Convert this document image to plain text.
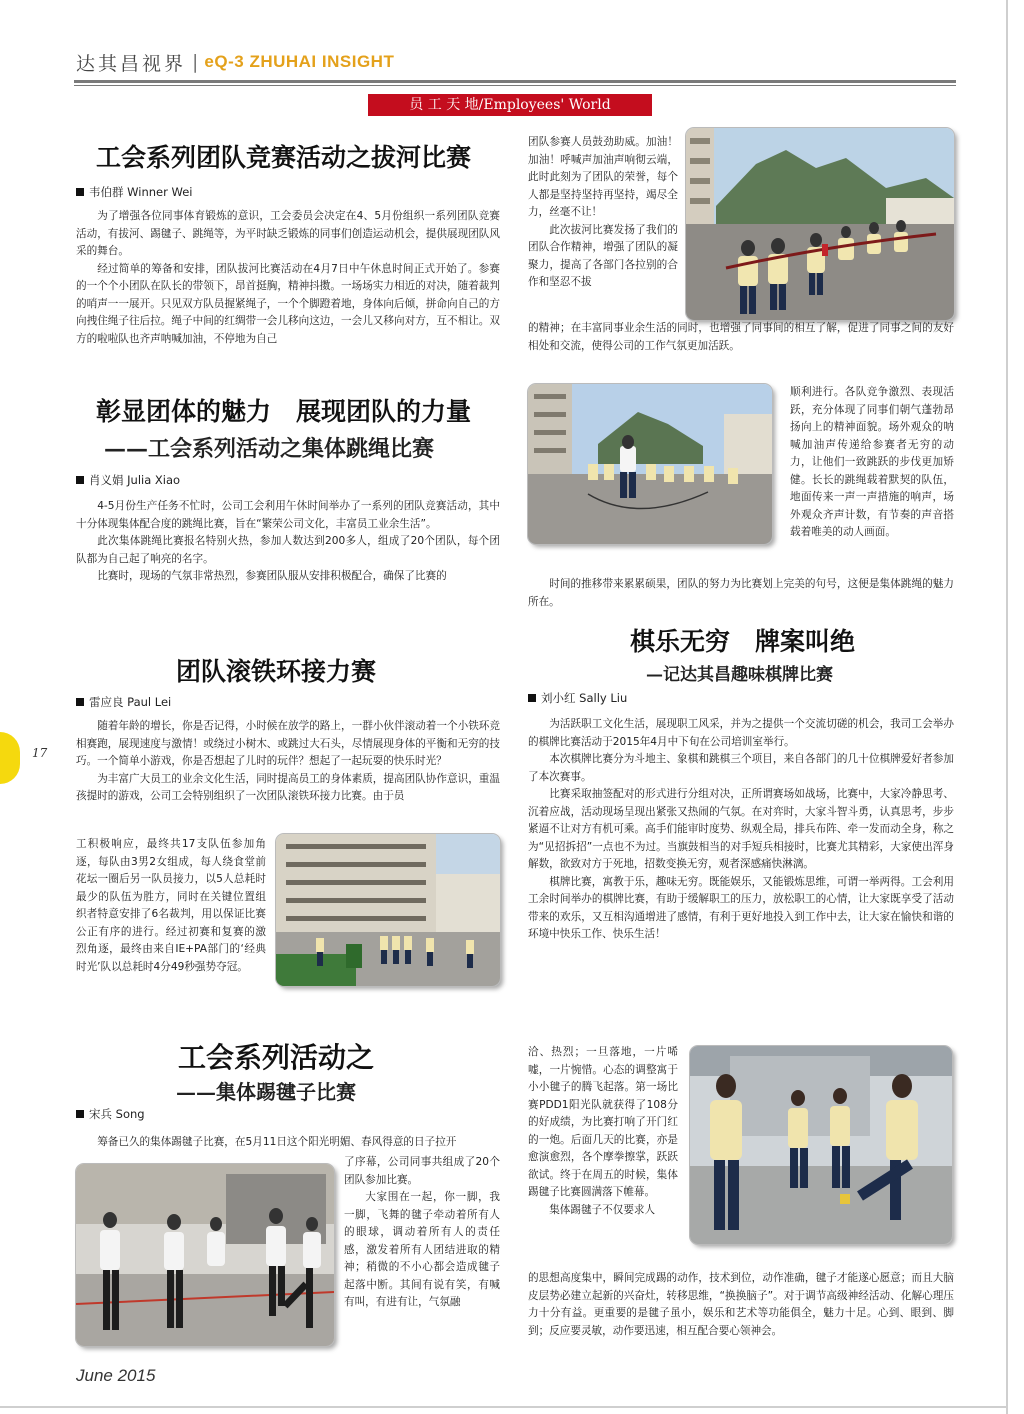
达其昌视界 | eQ-3 ZHUHAI INSIGHT
员 工 天 地/Employees' World
工会系列团队竞赛活动之拔河比赛
韦伯群 Winner Wei

为了增强各位同事体育锻炼的意识，工会委员会决定在4、5月份组织一系列团队竞赛活动，有拔河、踢毽子、跳绳等，为平时缺乏锻炼的同事们创造运动机会，提供展现团队风采的舞台。

经过简单的筹备和安排，团队拔河比赛活动在4月7日中午休息时间正式开始了。参赛的一个个小团队在队长的带领下，昂首挺胸，精神抖擞。一场场实力相近的对决，随着裁判的哨声一一展开。只见双方队员握紧绳子，一个个脚蹬着地，身体向后倾，拼命向自己的方向拽住绳子往后拉。绳子中间的红绸带一会儿移向这边，一会儿又移向对方，互不相让。双方的啦啦队也齐声呐喊加油，不停地为自己

团队参赛人员鼓劲助威。加油！加油！呼喊声加油声响彻云端，此时此刻为了团队的荣誉，每个人都是坚持坚持再坚持，竭尽全力，丝毫不让！

此次拔河比赛发扬了我们的团队合作精神，增强了团队的凝聚力，提高了各部门各拉别的合作和坚忍不拔

的精神；在丰富同事业余生活的同时，也增强了同事间的相互了解，促进了同事之间的友好相处和交流，使得公司的工作气氛更加活跃。

彰显团体的魅力　展现团队的力量
——工会系列活动之集体跳绳比赛
肖义娟 Julia Xiao

4-5月份生产任务不忙时，公司工会利用午休时间举办了一系列的团队竞赛活动，其中十分体现集体配合度的跳绳比赛，旨在“繁荣公司文化，丰富员工业余生活”。

此次集体跳绳比赛报名特别火热，参加人数达到200多人，组成了20个团队，每个团队都为自己起了响亮的名字。

比赛时，现场的气氛非常热烈，参赛团队服从安排积极配合，确保了比赛的

顺利进行。各队竞争激烈、表现活跃，充分体现了同事们朝气蓬勃昂扬向上的精神面貌。场外观众的呐喊加油声传递给参赛者无穷的动力，让他们一致跳跃的步伐更加矫健。长长的跳绳载着默契的队伍，地面传来一声一声措施的响声，场外观众齐声计数，有节奏的声音搭载着唯美的动人画面。

时间的推移带来累累硕果，团队的努力为比赛划上完美的句号，这便是集体跳绳的魅力所在。

团队滚铁环接力赛
雷应良 Paul Lei

随着年龄的增长，你是否记得，小时候在放学的路上，一群小伙伴滚动着一个小铁环竞相赛跑，展现速度与激情！或绕过小树木、或跳过大石头，尽情展现身体的平衡和无穷的技巧。一个简单小游戏，你是否想起了儿时的玩伴？想起了一起玩耍的快乐时光？

为丰富广大员工的业余文化生活，同时提高员工的身体素质，提高团队协作意识，重温孩提时的游戏，公司工会特别组织了一次团队滚铁环接力比赛。由于员

工积极响应，最终共17支队伍参加角逐，每队由3男2女组成，每人绕食堂前花坛一圈后另一队员接力，以5人总耗时最少的队伍为胜方，同时在关键位置组织者特意安排了6名裁判，用以保证比赛公正有序的进行。经过初赛和复赛的激烈角逐，最终由来自IE+PA部门的‘经典时光’队以总耗时4分49秒强势夺冠。

棋乐无穷　牌案叫绝
—记达其昌趣味棋牌比赛
刘小红 Sally Liu

为活跃职工文化生活，展现职工风采，并为之提供一个交流切磋的机会，我司工会举办的棋牌比赛活动于2015年4月中下旬在公司培训室举行。

本次棋牌比赛分为斗地主、象棋和跳棋三个项目，来自各部门的几十位棋牌爱好者参加了本次赛事。

比赛采取抽签配对的形式进行分组对决，正所谓赛场如战场，比赛中，大家冷静思考、沉着应战，活动现场呈现出紧张又热闹的气氛。在对弈时，大家斗智斗勇，认真思考，步步紧逼不让对方有机可乘。高手们能审时度势、纵观全局，排兵布阵、牵一发而动全身，称之为“见招拆招”一点也不为过。当旗鼓相当的对手短兵相接时，比赛尤其精彩，大家使出浑身解数，欲致对方于死地，招数变换无穷，观者深感痛快淋漓。

棋牌比赛，寓教于乐，趣味无穷。既能娱乐，又能锻炼思维，可谓一举两得。工会利用工余时间举办的棋牌比赛，有助于缓解职工的压力，放松职工的心情，让大家既享受了活动带来的欢乐，又互相沟通增进了感情，有利于更好地投入到工作中去，让大家在愉快和谐的环境中快乐工作、快乐生活！

工会系列活动之
——集体踢毽子比赛
宋兵 Song

筹备已久的集体踢毽子比赛，在5月11日这个阳光明媚、春风得意的日子拉开

了序幕，公司同事共组成了20个团队参加比赛。

大家围在一起，你一脚，我一脚，飞舞的毽子牵动着所有人的眼球，调动着所有人的责任感，激发着所有人团结进取的精神；稍微的不小心都会造成毽子起落中断。其间有说有笑，有喊有叫，有进有让，气氛融

洽、热烈；一旦落地，一片唏嘘，一片惋惜。心态的调整寓于小小毽子的腾飞起落。第一场比赛PDD1阳光队就获得了108分的好成绩，为比赛打响了开门红的一炮。后面几天的比赛，亦是愈演愈烈，各个摩拳擦掌，跃跃欲试。终于在周五的时候，集体踢毽子比赛圆满落下帷幕。

集体踢毽子不仅要求人

的思想高度集中，瞬间完成踢的动作，技术到位，动作准确，毽子才能遂心愿意；而且大脑皮层势必建立起新的兴奋灶，转移思维，“换换脑子”。对于调节高级神经活动、化解心理压力十分有益。更重要的是毽子虽小，娱乐和艺术等功能俱全，魅力十足。心到、眼到、脚到；反应要灵敏，动作要迅速，相互配合要心领神会。

17
June 2015
